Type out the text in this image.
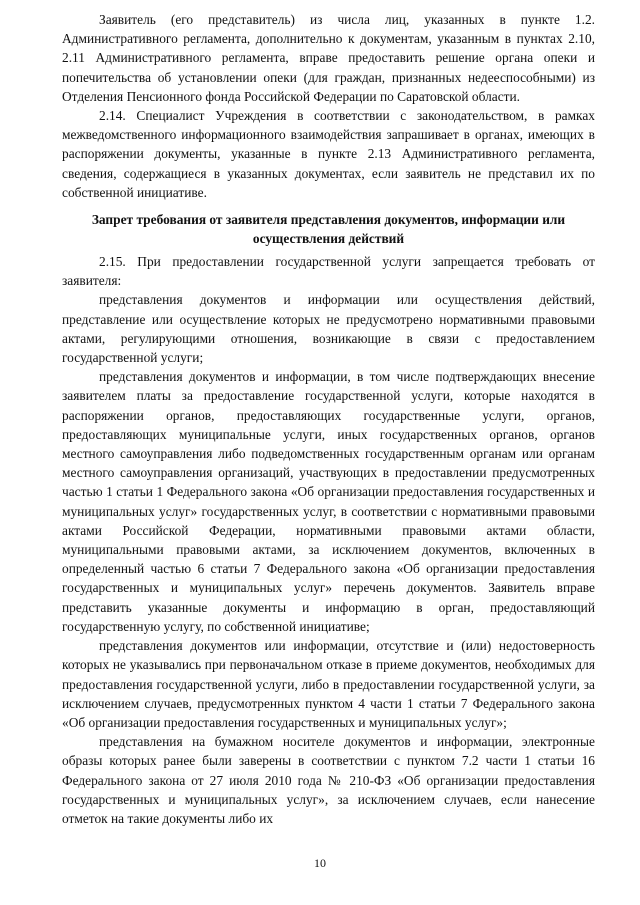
Заявитель (его представитель) из числа лиц, указанных в пункте 1.2. Административного регламента, дополнительно к документам, указанным в пунктах 2.10, 2.11 Административного регламента, вправе предоставить решение органа опеки и попечительства об установлении опеки (для граждан, признанных недееспособными) из Отделения Пенсионного фонда Российской Федерации по Саратовской области.

2.14. Специалист Учреждения в соответствии с законодательством, в рамках межведомственного информационного взаимодействия запрашивает в органах, имеющих в распоряжении документы, указанные в пункте 2.13 Административного регламента, сведения, содержащиеся в указанных документах, если заявитель не представил их по собственной инициативе.

Запрет требования от заявителя представления документов, информации или осуществления действий

2.15. При предоставлении государственной услуги запрещается требовать от заявителя:

представления документов и информации или осуществления действий, представление или осуществление которых не предусмотрено нормативными правовыми актами, регулирующими отношения, возникающие в связи с предоставлением государственной услуги;

представления документов и информации, в том числе подтверждающих внесение заявителем платы за предоставление государственной услуги, которые находятся в распоряжении органов, предоставляющих государственные услуги, органов, предоставляющих муниципальные услуги, иных государственных органов, органов местного самоуправления либо подведомственных государственным органам или органам местного самоуправления организаций, участвующих в предоставлении предусмотренных частью 1 статьи 1 Федерального закона «Об организации предоставления государственных и муниципальных услуг» государственных услуг, в соответствии с нормативными правовыми актами Российской Федерации, нормативными правовыми актами области, муниципальными правовыми актами, за исключением документов, включенных в определенный частью 6 статьи 7 Федерального закона «Об организации предоставления государственных и муниципальных услуг» перечень документов. Заявитель вправе представить указанные документы и информацию в орган, предоставляющий государственную услугу, по собственной инициативе;

представления документов или информации, отсутствие и (или) недостоверность которых не указывались при первоначальном отказе в приеме документов, необходимых для предоставления государственной услуги, либо в предоставлении государственной услуги, за исключением случаев, предусмотренных пунктом 4 части 1 статьи 7 Федерального закона «Об организации предоставления государственных и муниципальных услуг»;

представления на бумажном носителе документов и информации, электронные образы которых ранее были заверены в соответствии с пунктом 7.2 части 1 статьи 16 Федерального закона от 27 июля 2010 года № 210-ФЗ «Об организации предоставления государственных и муниципальных услуг», за исключением случаев, если нанесение отметок на такие документы либо их

10
